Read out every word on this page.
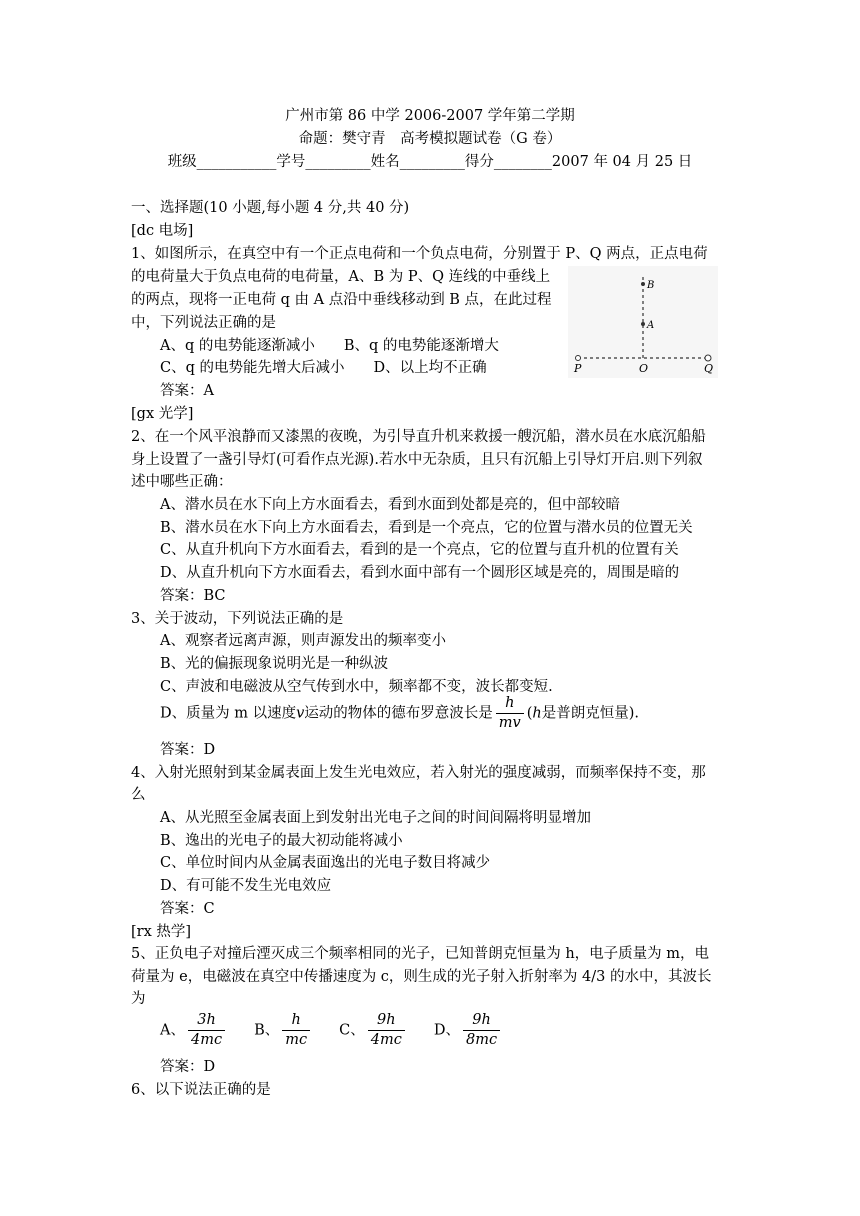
广州市第 86 中学 2006-2007 学年第二学期
命题：樊守青　高考模拟题试卷（G 卷）
班级___________学号_________姓名_________得分________2007 年 04 月 25 日
一、选择题(10 小题,每小题 4 分,共 40 分)
[dc 电场]
1、如图所示，在真空中有一个正点电荷和一个负点电荷，分别置于 P、Q 两点，正点电荷
的电荷量大于负点电荷的电荷量，A、B 为 P、Q 连线的中垂线上
的两点，现将一正电荷 q 由 A 点沿中垂线移动到 B 点，在此过程
中，下列说法正确的是
A、q 的电势能逐渐减小　　B、q 的电势能逐渐增大
C、q 的电势能先增大后减小　　D、以上均不正确
答案：A
P	O	Q
A
B
[gx 光学]
2、在一个风平浪静而又漆黑的夜晚，为引导直升机来救援一艘沉船，潜水员在水底沉船船
身上设置了一盏引导灯(可看作点光源).若水中无杂质，且只有沉船上引导灯开启.则下列叙
述中哪些正确：
A、潜水员在水下向上方水面看去，看到水面到处都是亮的，但中部较暗
B、潜水员在水下向上方水面看去，看到是一个亮点，它的位置与潜水员的位置无关
C、从直升机向下方水面看去，看到的是一个亮点，它的位置与直升机的位置有关
D、从直升机向下方水面看去，看到水面中部有一个圆形区域是亮的，周围是暗的
答案：BC
3、关于波动，下列说法正确的是
A、观察者远离声源，则声源发出的频率变小
B、光的偏振现象说明光是一种纵波
C、声波和电磁波从空气传到水中，频率都不变，波长都变短.
D、质量为 m 以速度v运动的物体的德布罗意波长是 $\frac{h}{mv} (h$是普朗克恒量).
答案：D
4、入射光照射到某金属表面上发生光电效应，若入射光的强度减弱，而频率保持不变，那
么
A、从光照至金属表面上到发射出光电子之间的时间间隔将明显增加
B、逸出的光电子的最大初动能将减小
C、单位时间内从金属表面逸出的光电子数目将减少
D、有可能不发生光电效应
答案：C
[rx 热学]
5、正负电子对撞后湮灭成三个频率相同的光子，已知普朗克恒量为 h，电子质量为 m，电
荷量为 e，电磁波在真空中传播速度为 c，则生成的光子射入折射率为 4/3 的水中，其波长
为
A、 $\frac{3h}{4mc}$ B、 $\frac{h}{mc}$ C、 $\frac{9h}{4mc}$ D、 $\frac{9h}{8mc}$
答案：D
6、以下说法正确的是
